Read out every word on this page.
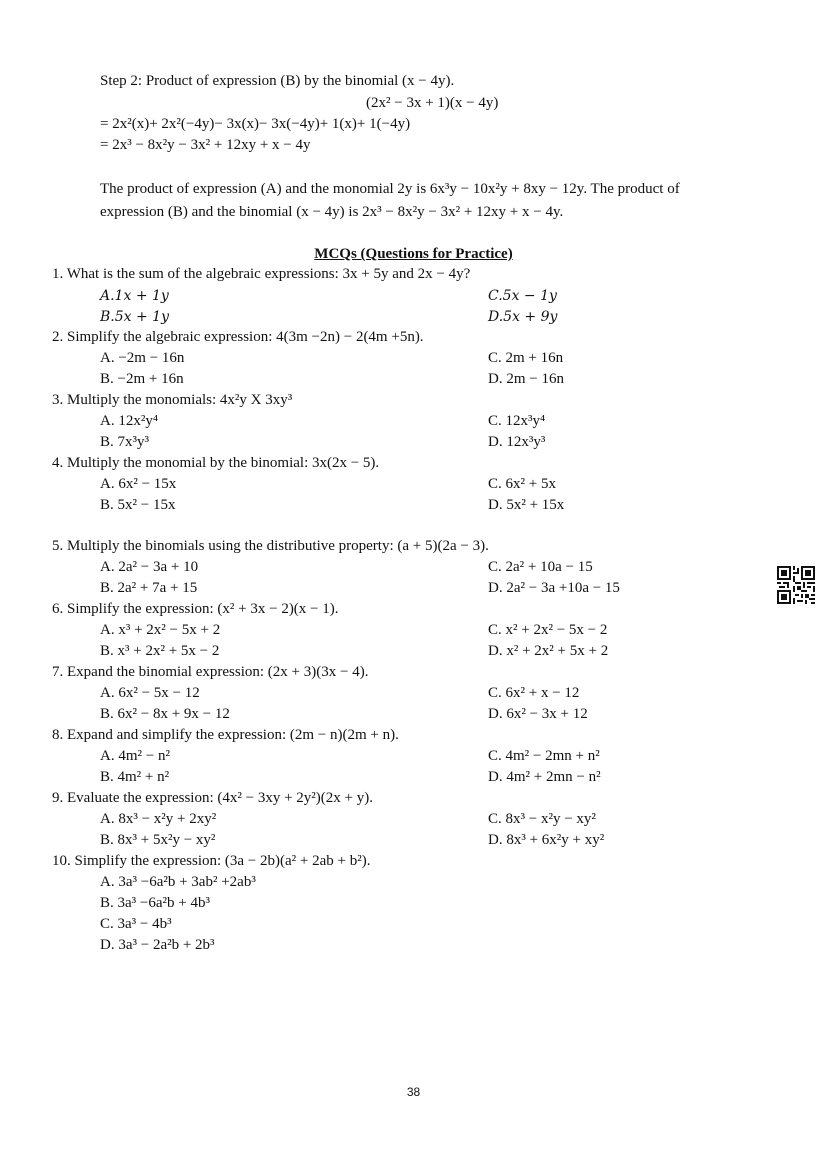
Step 2: Product of expression (B) by the binomial (x − 4y).
(2x² − 3x + 1)(x − 4y)
= 2x²(x)+ 2x²(−4y)− 3x(x)− 3x(−4y)+ 1(x)+ 1(−4y)
= 2x³ − 8x²y − 3x² + 12xy + x − 4y
The product of expression (A) and the monomial 2y is 6x³y − 10x²y + 8xy − 12y. The product of
expression (B) and the binomial (x − 4y) is 2x³ − 8x²y − 3x² + 12xy + x − 4y.
MCQs (Questions for Practice)
1. What is the sum of the algebraic expressions: 3x + 5y and 2x − 4y?
A.1x + 1y	C.5x − 1y
B.5x + 1y	D.5x + 9y
2. Simplify the algebraic expression: 4(3m −2n) − 2(4m +5n).
A. −2m − 16n	C. 2m + 16n
B. −2m + 16n	D. 2m − 16n
3. Multiply the monomials: 4x²y X 3xy³
A. 12x²y⁴	C. 12x³y⁴
B. 7x³y³	D. 12x³y³
4. Multiply the monomial by the binomial: 3x(2x − 5).
A. 6x² − 15x	C. 6x² + 5x
B. 5x² − 15x	D. 5x² + 15x
5. Multiply the binomials using the distributive property: (a + 5)(2a − 3).
A. 2a² − 3a + 10	C. 2a² + 10a − 15
B. 2a² + 7a + 15	D. 2a² − 3a +10a − 15
6. Simplify the expression: (x² + 3x − 2)(x − 1).
A. x³ + 2x² − 5x + 2	C. x² + 2x² − 5x − 2
B. x³ + 2x² + 5x − 2	D. x² + 2x² + 5x + 2
7. Expand the binomial expression: (2x + 3)(3x − 4).
A. 6x² − 5x − 12	C. 6x² + x − 12
B. 6x² − 8x + 9x − 12	D. 6x² − 3x + 12
8. Expand and simplify the expression: (2m − n)(2m + n).
A. 4m² − n²	C. 4m² − 2mn + n²
B. 4m² + n²	D. 4m² + 2mn − n²
9. Evaluate the expression: (4x² − 3xy + 2y²)(2x + y).
A. 8x³ − x²y + 2xy²	C. 8x³ − x²y − xy²
B. 8x³ + 5x²y − xy²	D. 8x³ + 6x²y + xy²
10. Simplify the expression: (3a − 2b)(a² + 2ab + b²).
A. 3a³ −6a²b + 3ab² +2ab³
B. 3a³ −6a²b + 4b³
C. 3a³ − 4b³
D. 3a³ − 2a²b + 2b³
38
